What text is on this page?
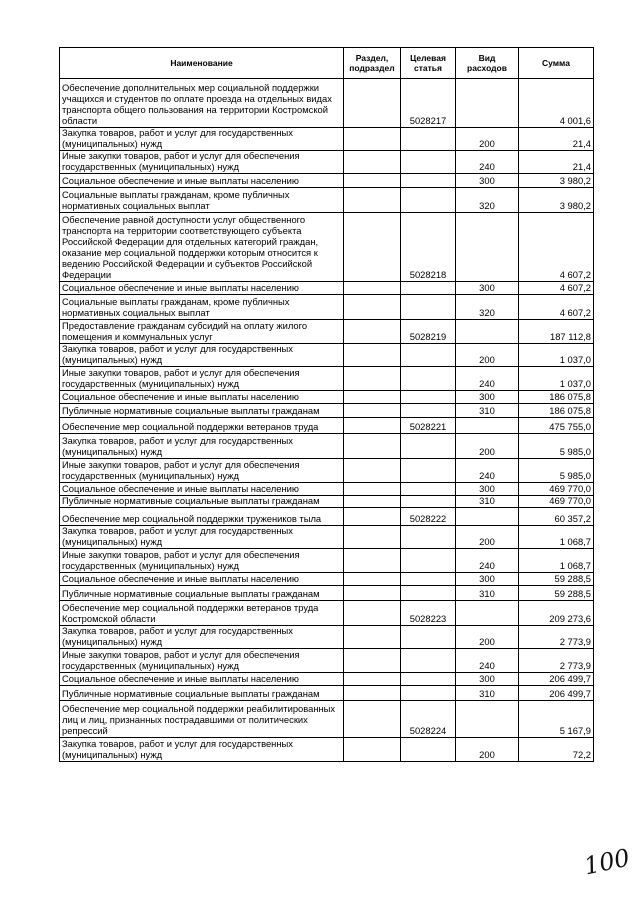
Наименование	Раздел, подраздел	Целевая статья	Вид расходов	Сумма
Обеспечение дополнительных мер социальной поддержки учащихся и студентов по оплате проезда на отдельных видах транспорта общего пользования на территории Костромской области		5028217		4 001,6
Закупка товаров, работ и услуг для государственных (муниципальных) нужд			200	21,4
Иные закупки товаров, работ и услуг для обеспечения государственных (муниципальных) нужд			240	21,4
Социальное обеспечение и иные выплаты населению			300	3 980,2
Социальные выплаты гражданам, кроме публичных нормативных социальных выплат			320	3 980,2
Обеспечение равной доступности услуг общественного транспорта на территории соответствующего субъекта Российской Федерации для отдельных категорий граждан, оказание мер социальной поддержки которым относится к ведению Российской Федерации и субъектов Российской Федерации		5028218		4 607,2
Социальное обеспечение и иные выплаты населению			300	4 607,2
Социальные выплаты гражданам, кроме публичных нормативных социальных выплат			320	4 607,2
Предоставление гражданам субсидий на оплату жилого помещения и коммунальных услуг		5028219		187 112,8
Закупка товаров, работ и услуг для государственных (муниципальных) нужд			200	1 037,0
Иные закупки товаров, работ и услуг для обеспечения государственных (муниципальных) нужд			240	1 037,0
Социальное обеспечение и иные выплаты населению			300	186 075,8
Публичные нормативные социальные выплаты гражданам			310	186 075,8
Обеспечение мер социальной поддержки ветеранов труда		5028221		475 755,0
Закупка товаров, работ и услуг для государственных (муниципальных) нужд			200	5 985,0
Иные закупки товаров, работ и услуг для обеспечения государственных (муниципальных) нужд			240	5 985,0
Социальное обеспечение и иные выплаты населению			300	469 770,0
Публичные нормативные социальные выплаты гражданам			310	469 770,0
Обеспечение мер социальной поддержки тружеников тыла		5028222		60 357,2
Закупка товаров, работ и услуг для государственных (муниципальных) нужд			200	1 068,7
Иные закупки товаров, работ и услуг для обеспечения государственных (муниципальных) нужд			240	1 068,7
Социальное обеспечение и иные выплаты населению			300	59 288,5
Публичные нормативные социальные выплаты гражданам			310	59 288,5
Обеспечение мер социальной поддержки ветеранов труда Костромской области		5028223		209 273,6
Закупка товаров, работ и услуг для государственных (муниципальных) нужд			200	2 773,9
Иные закупки товаров, работ и услуг для обеспечения государственных (муниципальных) нужд			240	2 773,9
Социальное обеспечение и иные выплаты населению			300	206 499,7
Публичные нормативные социальные выплаты гражданам			310	206 499,7
Обеспечение мер социальной поддержки реабилитированных лиц и лиц, признанных пострадавшими от политических репрессий		5028224		5 167,9
Закупка товаров, работ и услуг для государственных (муниципальных) нужд			200	72,2
100
